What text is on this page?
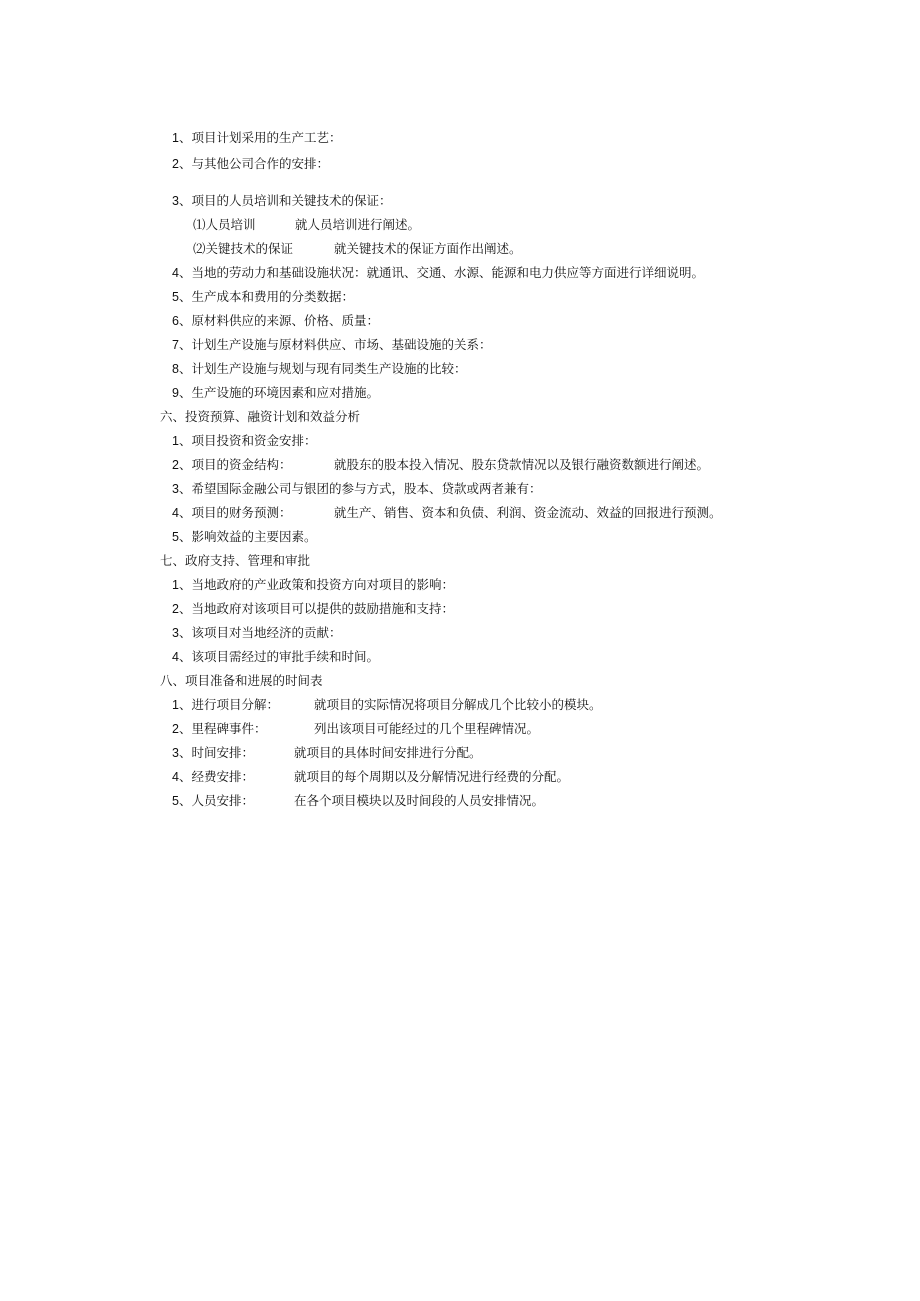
1、项目计划采用的生产工艺：
2、与其他公司合作的安排：
3、项目的人员培训和关键技术的保证：
⑴人员培训	就人员培训进行阐述。
⑵关键技术的保证	就关键技术的保证方面作出阐述。
4、当地的劳动力和基础设施状况：就通讯、交通、水源、能源和电力供应等方面进行详细说明。
5、生产成本和费用的分类数据：
6、原材料供应的来源、价格、质量：
7、计划生产设施与原材料供应、市场、基础设施的关系：
8、计划生产设施与规划与现有同类生产设施的比较：
9、生产设施的环境因素和应对措施。
六、投资预算、融资计划和效益分析
1、项目投资和资金安排：
2、项目的资金结构：	就股东的股本投入情况、股东贷款情况以及银行融资数额进行阐述。
3、希望国际金融公司与银团的参与方式，股本、贷款或两者兼有：
4、项目的财务预测：	就生产、销售、资本和负债、利润、资金流动、效益的回报进行预测。
5、影响效益的主要因素。
七、政府支持、管理和审批
1、当地政府的产业政策和投资方向对项目的影响：
2、当地政府对该项目可以提供的鼓励措施和支持：
3、该项目对当地经济的贡献：
4、该项目需经过的审批手续和时间。
八、项目准备和进展的时间表
1、进行项目分解：	就项目的实际情况将项目分解成几个比较小的模块。
2、里程碑事件：	列出该项目可能经过的几个里程碑情况。
3、时间安排：	就项目的具体时间安排进行分配。
4、经费安排：	就项目的每个周期以及分解情况进行经费的分配。
5、人员安排：	在各个项目模块以及时间段的人员安排情况。
